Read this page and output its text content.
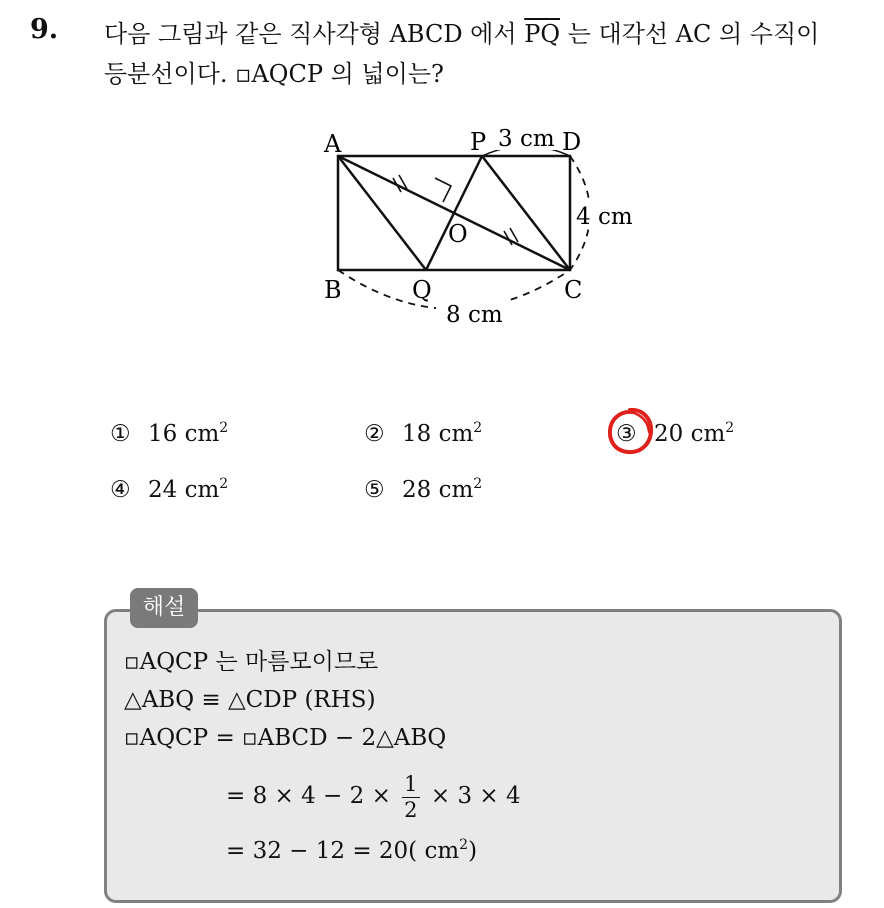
9. 다음 그림과 같은 직사각형 ABCD 에서 $\overline{PQ}$ 는 대각선 AC 의 수직이
등분선이다. ▫AQCP 의 넓이는?
A	P	D
B	Q	C
O
3 cm
4 cm
8 cm
① 16 $cm^2$	② 18 $cm^2$	③ 20 $cm^2$
④ 24 $cm^2$	⑤ 28 $cm^2$
해설
▫AQCP 는 마름모이므로
△ABQ ≡ △CDP (RHS)
▫AQCP = ▫ABCD − 2△ABQ
= $8 \times 4 - 2 \times \frac{1}{2} \times 3 \times 4$
= 32 − 12 = 20( $cm^2$)
